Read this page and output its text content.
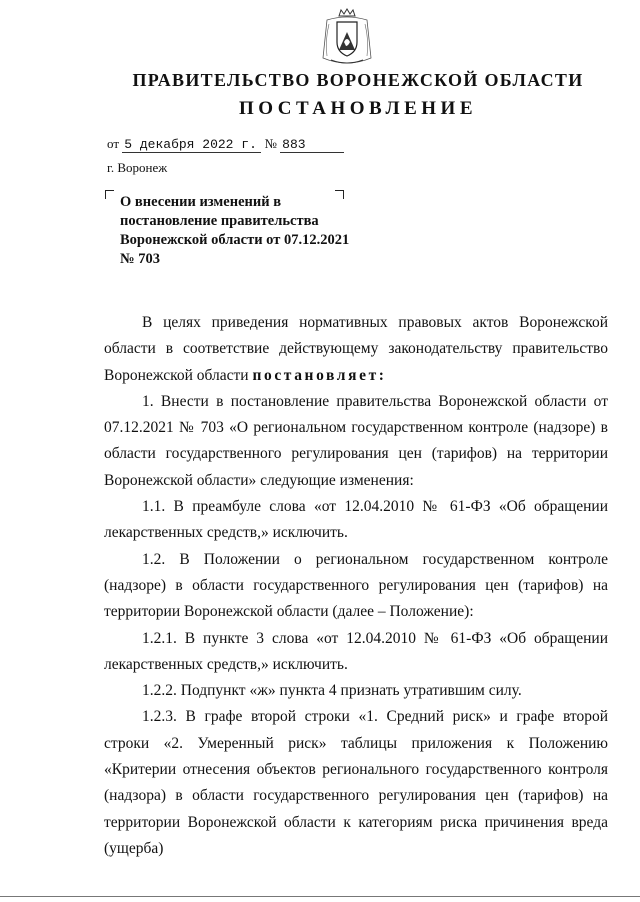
ПРАВИТЕЛЬСТВО ВОРОНЕЖСКОЙ ОБЛАСТИ
ПОСТАНОВЛЕНИЕ
от 5 декабря 2022 г. № 883
г. Воронеж
О внесении изменений в постановление правительства Воронежской области от 07.12.2021 № 703

В целях приведения нормативных правовых актов Воронежской области в соответствие действующему законодательству правительство Воронежской области постановляет:

1. Внести в постановление правительства Воронежской области от 07.12.2021 № 703 «О региональном государственном контроле (надзоре) в области государственного регулирования цен (тарифов) на территории Воронежской области» следующие изменения:

1.1. В преамбуле слова «от 12.04.2010 № 61-ФЗ «Об обращении лекарственных средств,» исключить.

1.2. В Положении о региональном государственном контроле (надзоре) в области государственного регулирования цен (тарифов) на территории Воронежской области (далее – Положение):

1.2.1. В пункте 3 слова «от 12.04.2010 № 61-ФЗ «Об обращении лекарственных средств,» исключить.

1.2.2. Подпункт «ж» пункта 4 признать утратившим силу.

1.2.3. В графе второй строки «1. Средний риск» и графе второй строки «2. Умеренный риск» таблицы приложения к Положению «Критерии отнесения объектов регионального государственного контроля (надзора) в области государственного регулирования цен (тарифов) на территории Воронежской области к категориям риска причинения вреда (ущерба)
